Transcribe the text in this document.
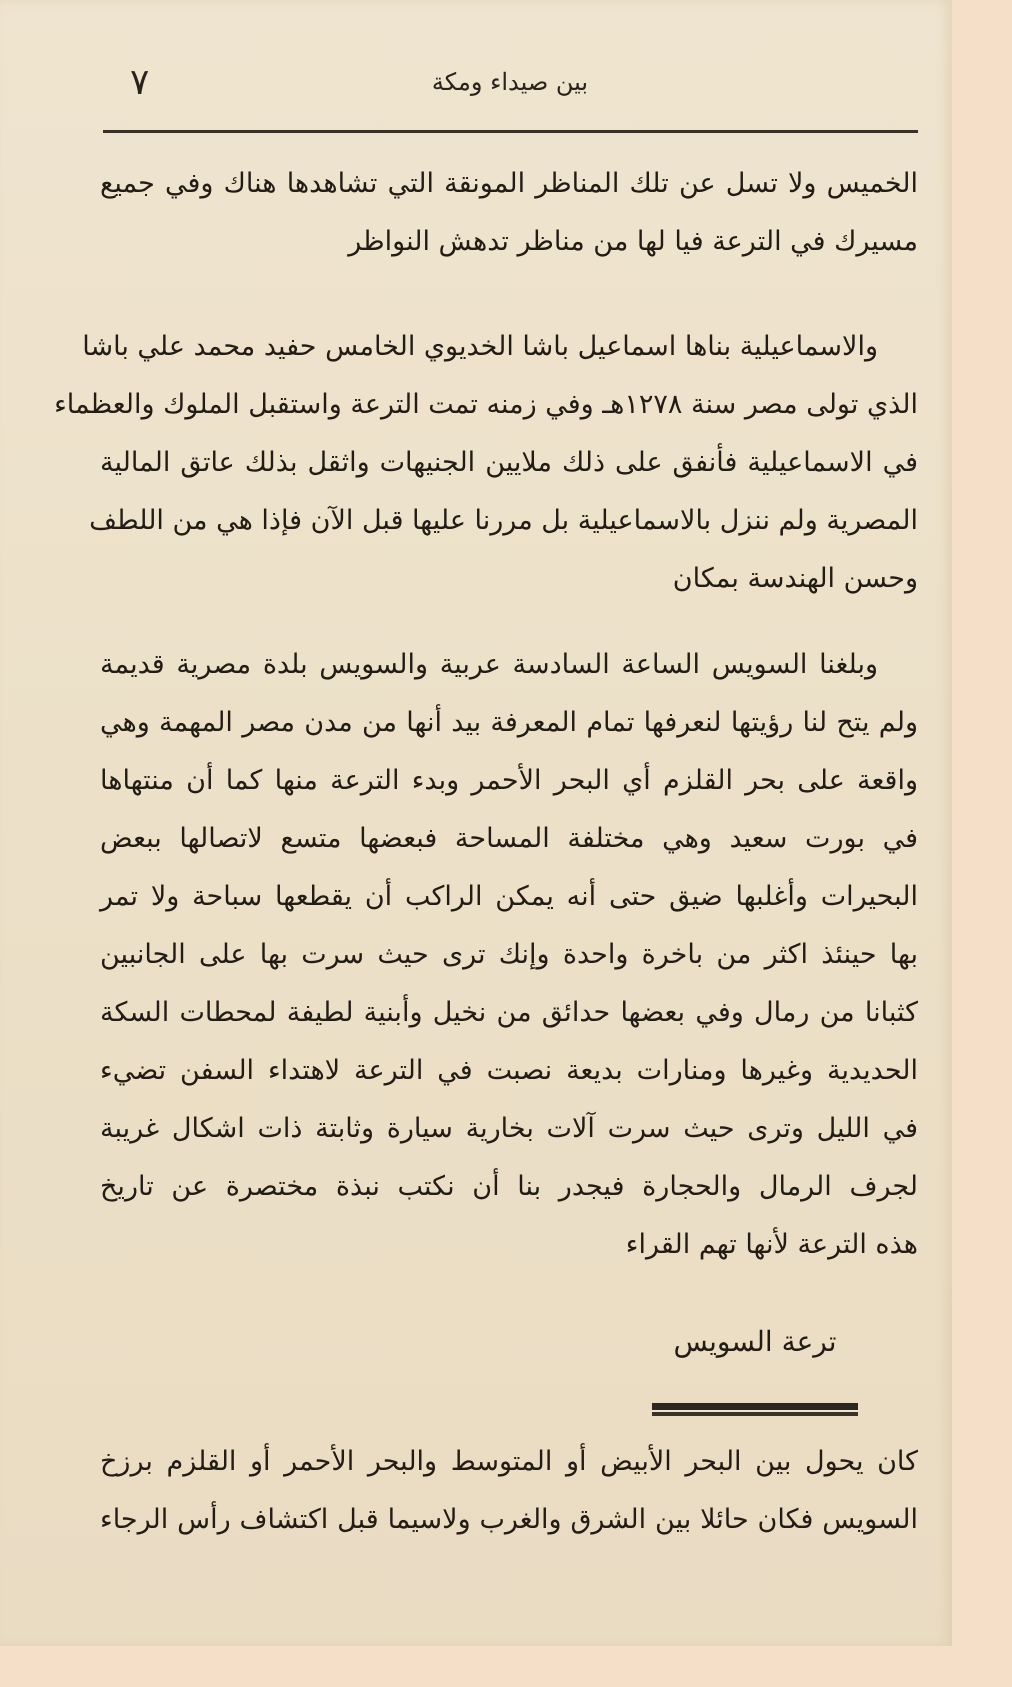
٧	بين صيداء ومكة
الخميس ولا تسل عن تلك المناظر المونقة التي تشاهدها هناك وفي جميع
مسيرك في الترعة فيا لها من مناظر تدهش النواظر
والاسماعيلية بناها اسماعيل باشا الخديوي الخامس حفيد محمد علي باشا
الذي تولى مصر سنة ١٢٧٨هـ وفي زمنه تمت الترعة واستقبل الملوك والعظماء
في الاسماعيلية فأنفق على ذلك ملايين الجنيهات واثقل بذلك عاتق المالية
المصرية ولم ننزل بالاسماعيلية بل مررنا عليها قبل الآن فإذا هي من اللطف
وحسن الهندسة بمكان
وبلغنا السويس الساعة السادسة عربية والسويس بلدة مصرية قديمة
ولم يتح لنا رؤيتها لنعرفها تمام المعرفة بيد أنها من مدن مصر المهمة وهي
واقعة على بحر القلزم أي البحر الأحمر وبدء الترعة منها كما أن منتهاها
في بورت سعيد وهي مختلفة المساحة فبعضها متسع لاتصالها ببعض
البحيرات وأغلبها ضيق حتى أنه يمكن الراكب أن يقطعها سباحة ولا تمر
بها حينئذ اكثر من باخرة واحدة وإنك ترى حيث سرت بها على الجانبين
كثبانا من رمال وفي بعضها حدائق من نخيل وأبنية لطيفة لمحطات السكة
الحديدية وغيرها ومنارات بديعة نصبت في الترعة لاهتداء السفن تضيء
في الليل وترى حيث سرت آلات بخارية سيارة وثابتة ذات اشكال غريبة
لجرف الرمال والحجارة فيجدر بنا أن نكتب نبذة مختصرة عن تاريخ
هذه الترعة لأنها تهم القراء
ترعة السويس
كان يحول بين البحر الأبيض أو المتوسط والبحر الأحمر أو القلزم برزخ
السويس فكان حائلا بين الشرق والغرب ولاسيما قبل اكتشاف رأس الرجاء
